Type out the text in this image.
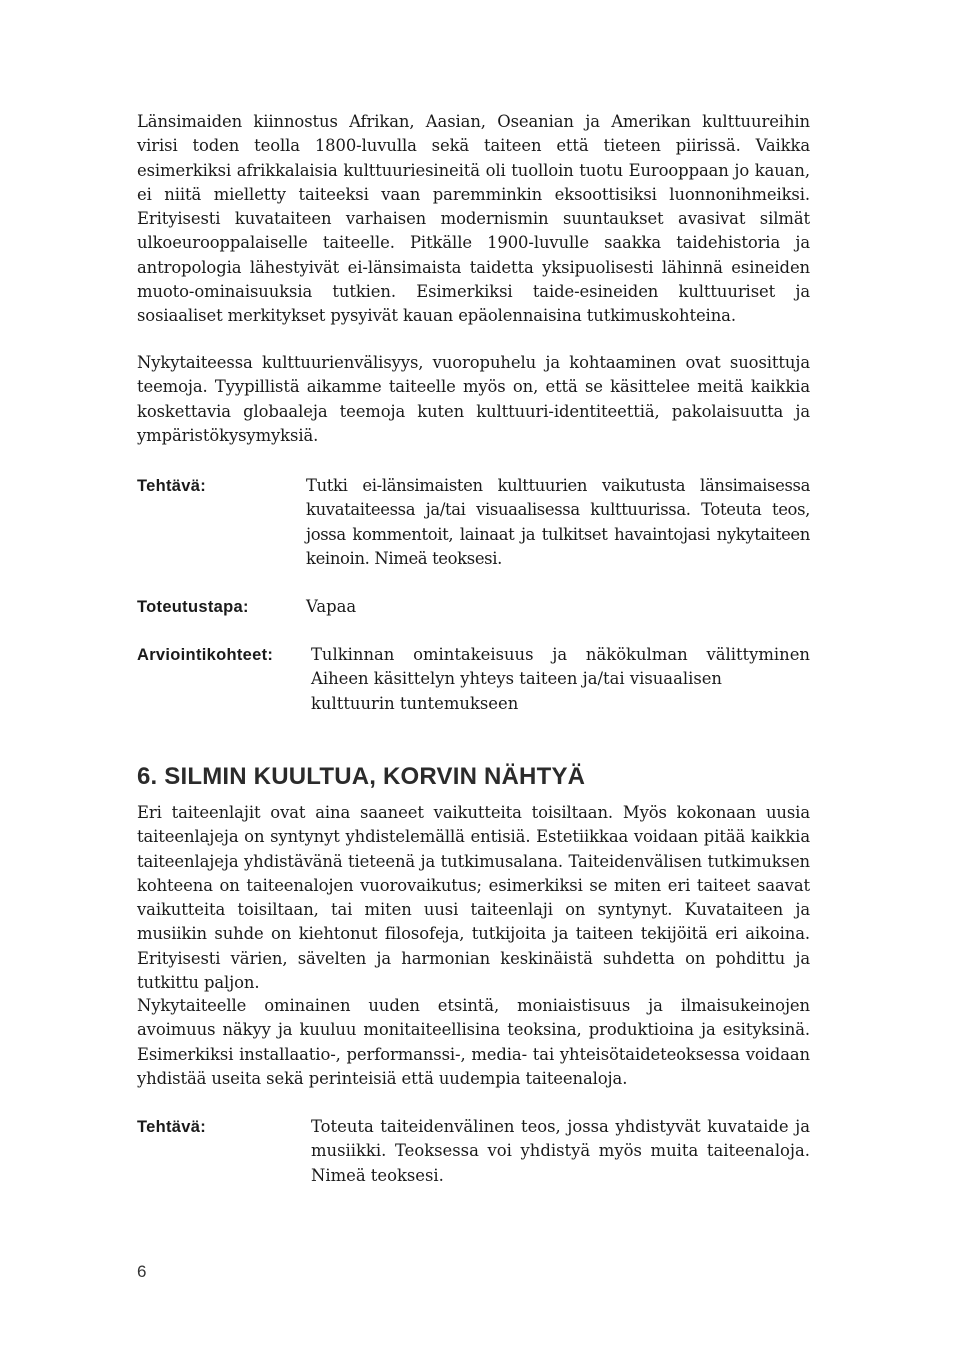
Länsimaiden kiinnostus Afrikan, Aasian, Oseanian ja Amerikan kulttuureihin virisi toden teolla 1800-luvulla sekä taiteen että tieteen piirissä. Vaikka esimerkiksi afrikkalaisia kulttuuriesineitä oli tuolloin tuotu Eurooppaan jo kauan, ei niitä mielletty taiteeksi vaan paremminkin eksoottisiksi luonnonihmeiksi. Erityisesti kuvataiteen varhaisen modernismin suuntaukset avasivat silmät ulkoeurooppalaiselle taiteelle. Pitkälle 1900-luvulle saakka taidehistoria ja antropologia lähestyivät ei-länsimaista taidetta yksipuolisesti lähinnä esineiden muoto-ominaisuuksia tutkien. Esimerkiksi taide-esineiden kulttuuriset ja sosiaaliset merkitykset pysyivät kauan epäolennaisina tutkimuskohteina.

Nykytaiteessa kulttuurienvälisyys, vuoropuhelu ja kohtaaminen ovat suosittuja teemoja. Tyypillistä aikamme taiteelle myös on, että se käsittelee meitä kaikkia koskettavia globaaleja teemoja kuten kulttuuri-identiteettiä, pakolaisuutta ja ympäristökysymyksiä.

Tehtävä:	Tutki ei-länsimaisten kulttuurien vaikutusta länsimaisessa kuvataiteessa ja/tai visuaalisessa kulttuurissa. Toteuta teos, jossa kommentoit, lainaat ja tulkitset havaintojasi nykytaiteen keinoin. Nimeä teoksesi.

Toteutustapa:	Vapaa

Arviointikohteet: Tulkinnan omintakeisuus ja näkökulman välittyminen
Aiheen käsittelyn yhteys taiteen ja/tai visuaalisen kulttuurin tuntemukseen

6. SILMIN KUULTUA, KORVIN NÄHTYÄ

Eri taiteenlajit ovat aina saaneet vaikutteita toisiltaan. Myös kokonaan uusia taiteenlajeja on syntynyt yhdistelemällä entisiä. Estetiikkaa voidaan pitää kaikkia taiteenlajeja yhdistävänä tieteenä ja tutkimusalana. Taiteidenvälisen tutkimuksen kohteena on taiteenalojen vuorovaikutus; esimerkiksi se miten eri taiteet saavat vaikutteita toisiltaan, tai miten uusi taiteenlaji on syntynyt. Kuvataiteen ja musiikin suhde on kiehtonut filosofeja, tutkijoita ja taiteen tekijöitä eri aikoina. Erityisesti värien, sävelten ja harmonian keskinäistä suhdetta on pohdittu ja tutkittu paljon.

Nykytaiteelle ominainen uuden etsintä, moniaistisuus ja ilmaisukeinojen avoimuus näkyy ja kuuluu monitaiteellisina teoksina, produktioina ja esityksinä. Esimerkiksi installaatio-, performanssi-, media- tai yhteisötaideteoksessa voidaan yhdistää useita sekä perinteisiä että uudempia taiteenaloja.

Tehtävä:	Toteuta taiteidenvälinen teos, jossa yhdistyvät kuvataide ja musiikki. Teoksessa voi yhdistyä myös muita taiteenaloja. Nimeä teoksesi.

6
